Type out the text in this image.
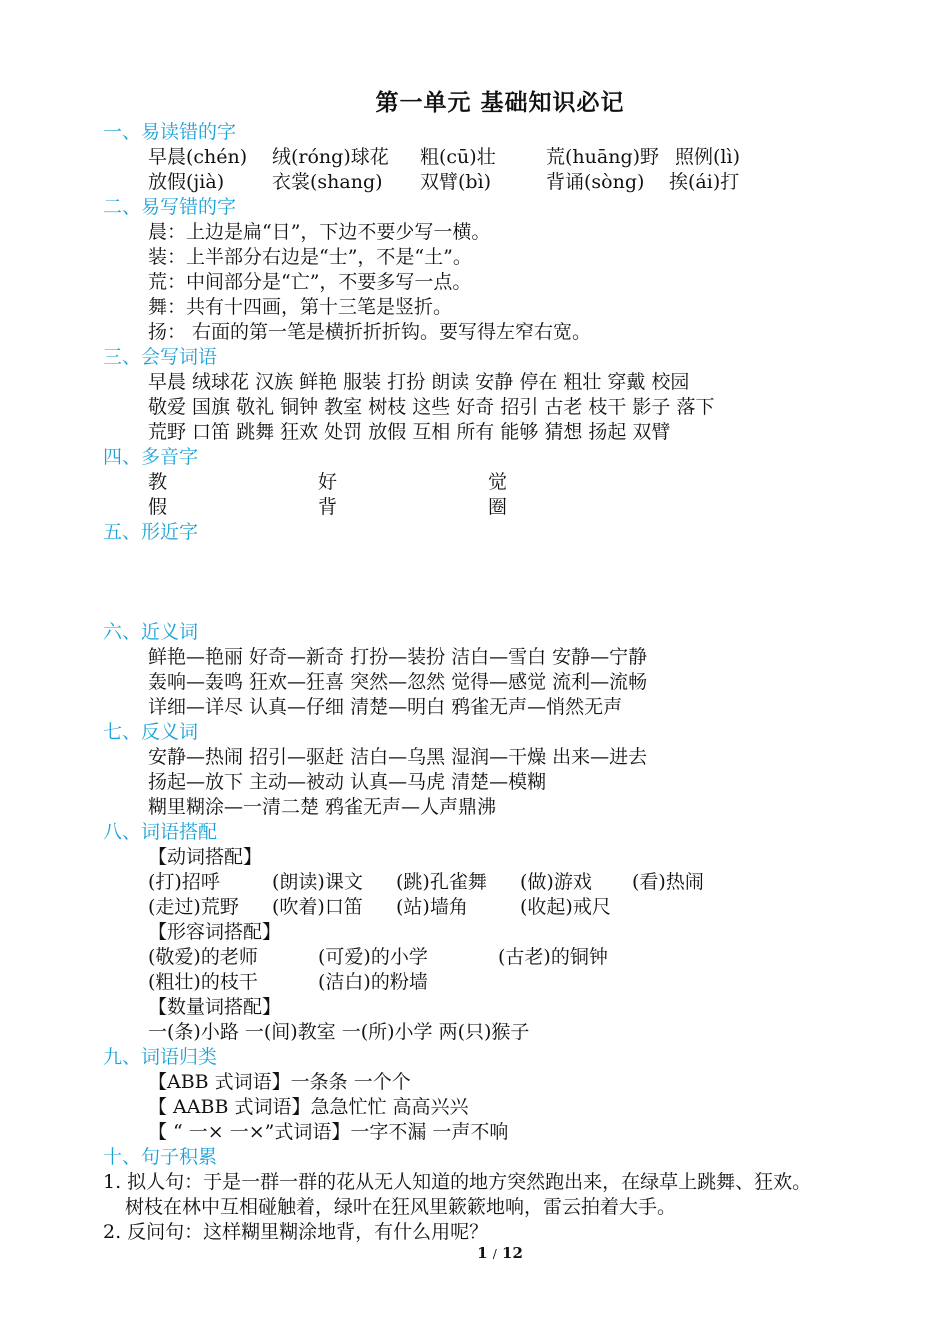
第一单元 基础知识必记
一、易读错的字
早晨(chén) 绒(róng)球花 粗(cū)壮	荒(huāng)野 照例(lì)
放假(jià)	衣裳(shang) 双臂(bì)	背诵(sòng) 挨(ái)打
二、易写错的字
晨：上边是扁“日”，下边不要少写一横。
装：上半部分右边是“士”，不是“土”。
荒：中间部分是“亡”，不要多写一点。
舞：共有十四画，第十三笔是竖折。
扬： 右面的第一笔是横折折折钩。要写得左窄右宽。
三、会写词语
早晨 绒球花 汉族 鲜艳 服装 打扮 朗读 安静 停在 粗壮 穿戴 校园
敬爱 国旗 敬礼 铜钟 教室 树枝 这些 好奇 招引 古老 枝干 影子 落下
荒野 口笛 跳舞 狂欢 处罚 放假 互相 所有 能够 猜想 扬起 双臂
四、多音字
教	好	觉
假	背	圈
五、形近字
六、近义词
鲜艳—艳丽 好奇—新奇 打扮—装扮 洁白—雪白 安静—宁静
轰响—轰鸣 狂欢—狂喜 突然—忽然 觉得—感觉 流利—流畅
详细—详尽 认真—仔细 清楚—明白 鸦雀无声—悄然无声
七、反义词
安静—热闹 招引—驱赶 洁白—乌黑 湿润—干燥 出来—进去
扬起—放下 主动—被动 认真—马虎 清楚—模糊
糊里糊涂—一清二楚 鸦雀无声—人声鼎沸
八、词语搭配
【动词搭配】
(打)招呼	(朗读)课文 (跳)孔雀舞 (做)游戏 (看)热闹
(走过)荒野 (吹着)口笛 (站)墙角	(收起)戒尺
【形容词搭配】
(敬爱)的老师	(可爱)的小学	(古老)的铜钟
(粗壮)的枝干	(洁白)的粉墙
【数量词搭配】
一(条)小路 一(间)教室 一(所)小学 两(只)猴子
九、词语归类
【ABB 式词语】一条条 一个个
【 AABB 式词语】急急忙忙 高高兴兴
【 “ 一× 一×”式词语】一字不漏 一声不响
十、句子积累
1. 拟人句：于是一群一群的花从无人知道的地方突然跑出来，在绿草上跳舞、狂欢。
树枝在林中互相碰触着，绿叶在狂风里簌簌地响，雷云拍着大手。
2. 反问句：这样糊里糊涂地背，有什么用呢？
1 / 12
